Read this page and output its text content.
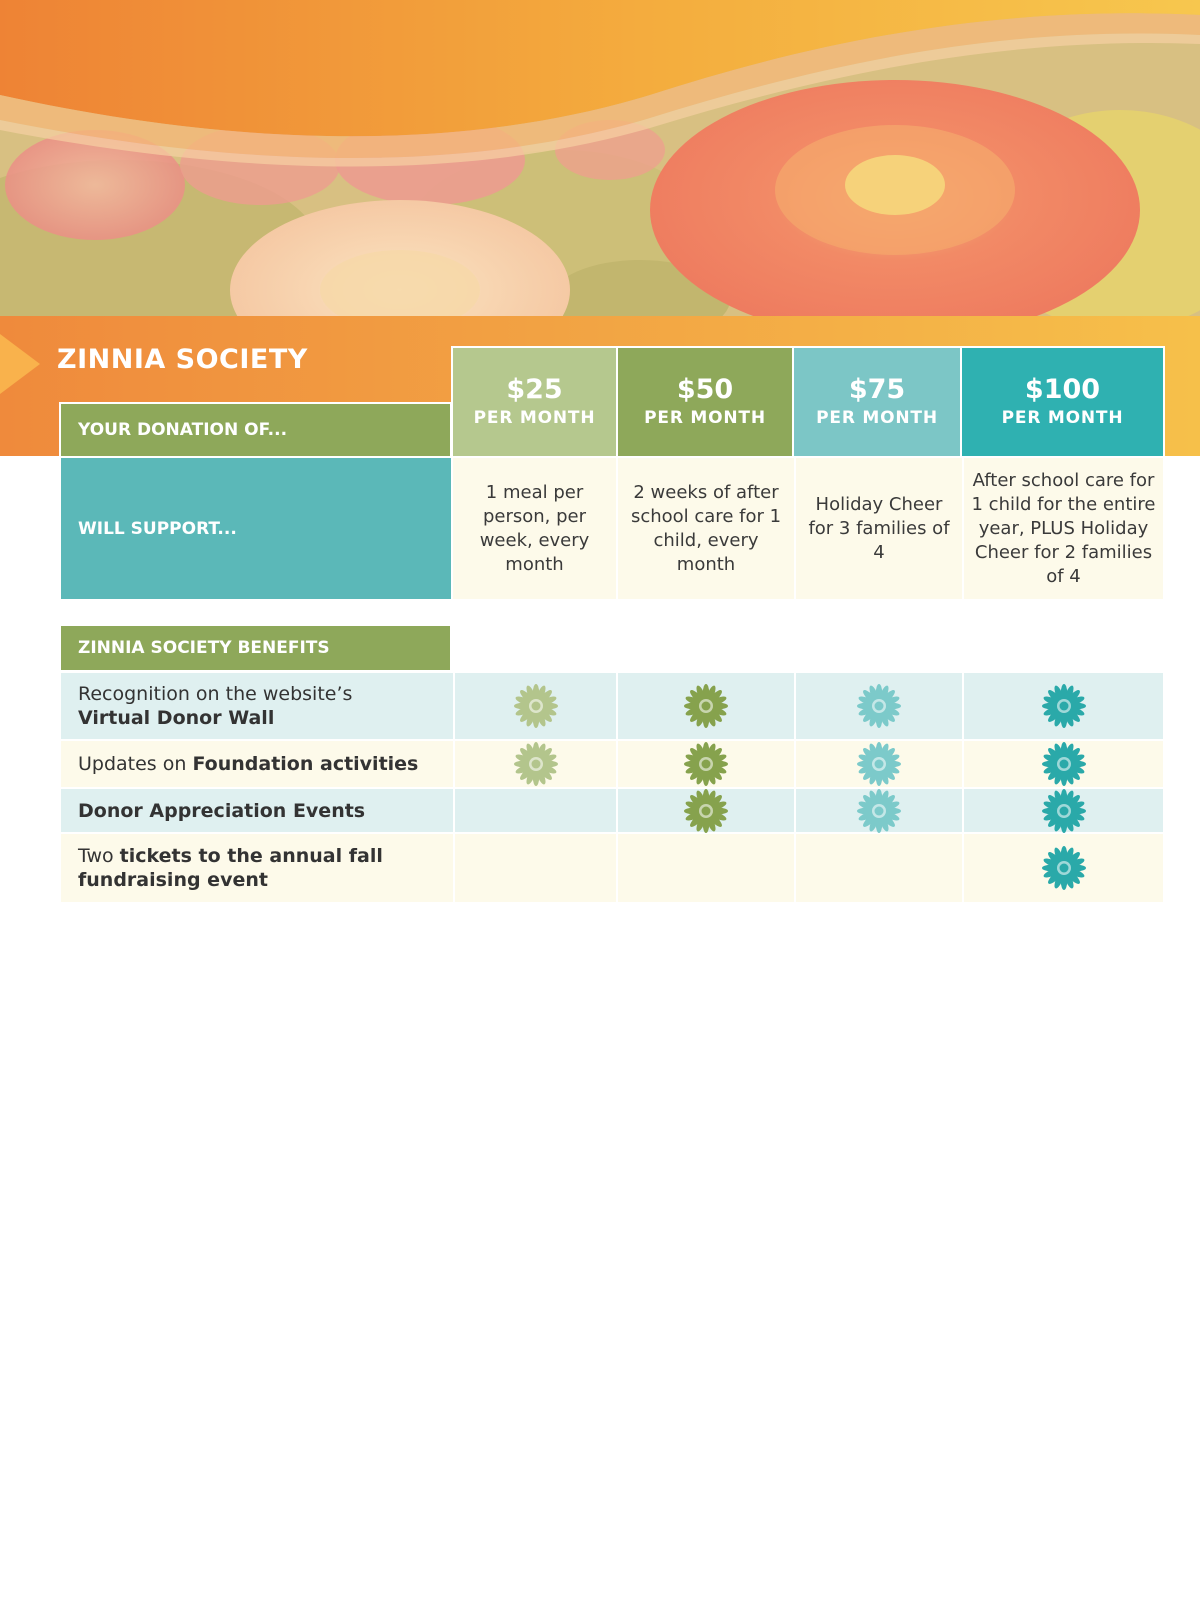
ZINNIA SOCIETY
YOUR DONATION OF...
$25
PER MONTH
$50
PER MONTH
$75
PER MONTH
$100
PER MONTH
WILL SUPPORT...
1 meal per person, per week, every month
2 weeks of after school care for 1 child, every month
Holiday Cheer for 3 families of 4
After school care for 1 child for the entire year, PLUS Holiday Cheer for 2 families of 4
ZINNIA SOCIETY BENEFITS
Recognition on the website’s
Virtual Donor Wall
Updates on Foundation activities
Donor Appreciation Events
Two tickets to the annual fall fundraising event
